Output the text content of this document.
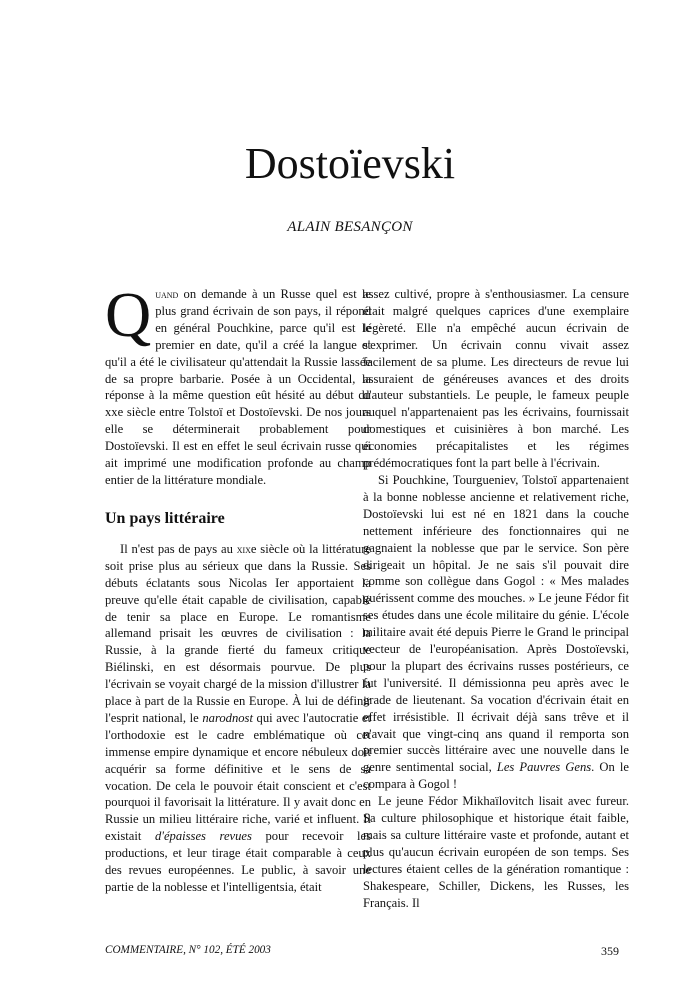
Dostoïevski
ALAIN BESANÇON

Quand on demande à un Russe quel est le plus grand écrivain de son pays, il répond en général Pouchkine, parce qu'il est le premier en date, qu'il a créé la langue et qu'il a été le civilisateur qu'attendait la Russie lassée de sa propre barbarie. Posée à un Occidental, la réponse à la même question eût hésité au début du xxe siècle entre Tolstoï et Dostoïevski. De nos jours elle se déterminerait probablement pour Dostoïevski. Il est en effet le seul écrivain russe qui ait imprimé une modification profonde au champ entier de la littérature mondiale.

Un pays littéraire

Il n'est pas de pays au xixe siècle où la littérature soit prise plus au sérieux que dans la Russie. Ses débuts éclatants sous Nicolas Ier apportaient la preuve qu'elle était capable de civilisation, capable de tenir sa place en Europe. Le romantisme allemand prisait les œuvres de civilisation : la Russie, à la grande fierté du fameux critique Biélinski, en est désormais pourvue. De plus l'écrivain se voyait chargé de la mission d'illustrer la place à part de la Russie en Europe. À lui de définir l'esprit national, le narodnost qui avec l'autocratie et l'orthodoxie est le cadre emblématique où cet immense empire dynamique et encore nébuleux doit acquérir sa forme définitive et le sens de sa vocation. De cela le pouvoir était conscient et c'est pourquoi il favorisait la littérature. Il y avait donc en Russie un milieu littéraire riche, varié et influent. Il existait d'épaisses revues pour recevoir les productions, et leur tirage était comparable à ceux des revues européennes. Le public, à savoir une partie de la noblesse et l'intelligentsia, était

assez cultivé, propre à s'enthousiasmer. La censure était malgré quelques caprices d'une exemplaire légèreté. Elle n'a empêché aucun écrivain de s'exprimer. Un écrivain connu vivait assez facilement de sa plume. Les directeurs de revue lui assuraient de généreuses avances et des droits d'auteur substantiels. Le peuple, le fameux peuple auquel n'appartenaient pas les écrivains, fournissait domestiques et cuisinières à bon marché. Les économies précapitalistes et les régimes prédémocratiques font la part belle à l'écrivain.

Si Pouchkine, Tourgueniev, Tolstoï appartenaient à la bonne noblesse ancienne et relativement riche, Dostoïevski lui est né en 1821 dans la couche nettement inférieure des fonctionnaires qui ne gagnaient la noblesse que par le service. Son père dirigeait un hôpital. Je ne sais s'il pouvait dire comme son collègue dans Gogol : « Mes malades guérissent comme des mouches. » Le jeune Fédor fit ses études dans une école militaire du génie. L'école militaire avait été depuis Pierre le Grand le principal vecteur de l'européanisation. Après Dostoïevski, pour la plupart des écrivains russes postérieurs, ce fut l'université. Il démissionna peu après avec le grade de lieutenant. Sa vocation d'écrivain était en effet irrésistible. Il écrivait déjà sans trêve et il n'avait que vingt-cinq ans quand il remporta son premier succès littéraire avec une nouvelle dans le genre sentimental social, Les Pauvres Gens. On le compara à Gogol !

Le jeune Fédor Mikhaïlovitch lisait avec fureur. Sa culture philosophique et historique était faible, mais sa culture littéraire vaste et profonde, autant et plus qu'aucun écrivain européen de son temps. Ses lectures étaient celles de la génération romantique : Shakespeare, Schiller, Dickens, les Russes, les Français. Il

COMMENTAIRE, N° 102, ÉTÉ 2003	359
